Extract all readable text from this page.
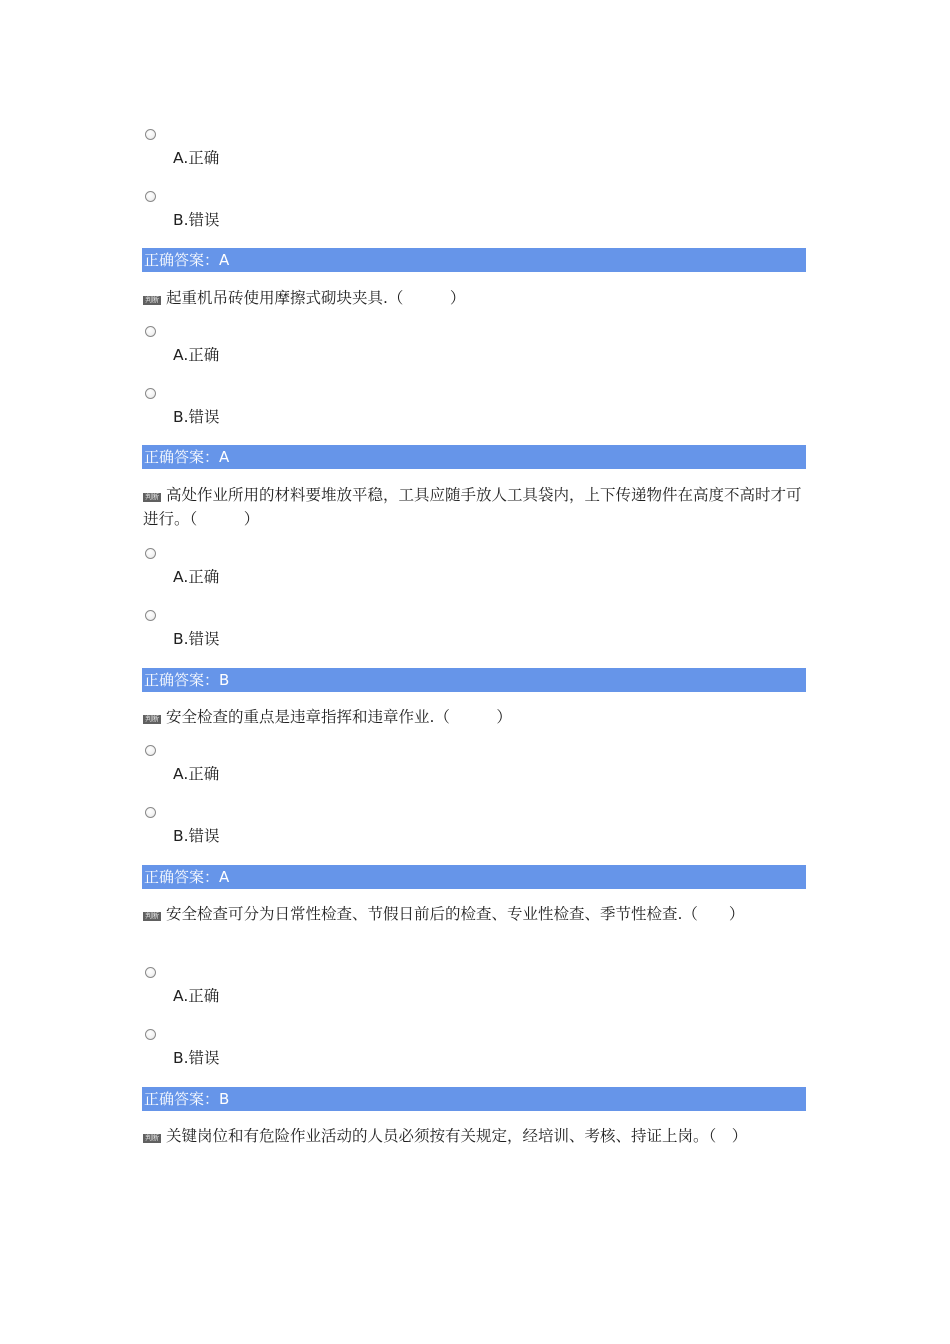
A.正确
B.错误
正确答案：A
判断 起重机吊砖使用摩擦式砌块夹具.（　　　）
A.正确
B.错误
正确答案：A
判断 高处作业所用的材料要堆放平稳，工具应随手放人工具袋内，上下传递物件在高度不高时才可进行。（　　　）
A.正确
B.错误
正确答案：B
判断 安全检查的重点是违章指挥和违章作业.（　　　）
A.正确
B.错误
正确答案：A
判断 安全检查可分为日常性检查、节假日前后的检查、专业性检查、季节性检查.（　　）
A.正确
B.错误
正确答案：B
判断 关键岗位和有危险作业活动的人员必须按有关规定，经培训、考核、持证上岗。（　）
